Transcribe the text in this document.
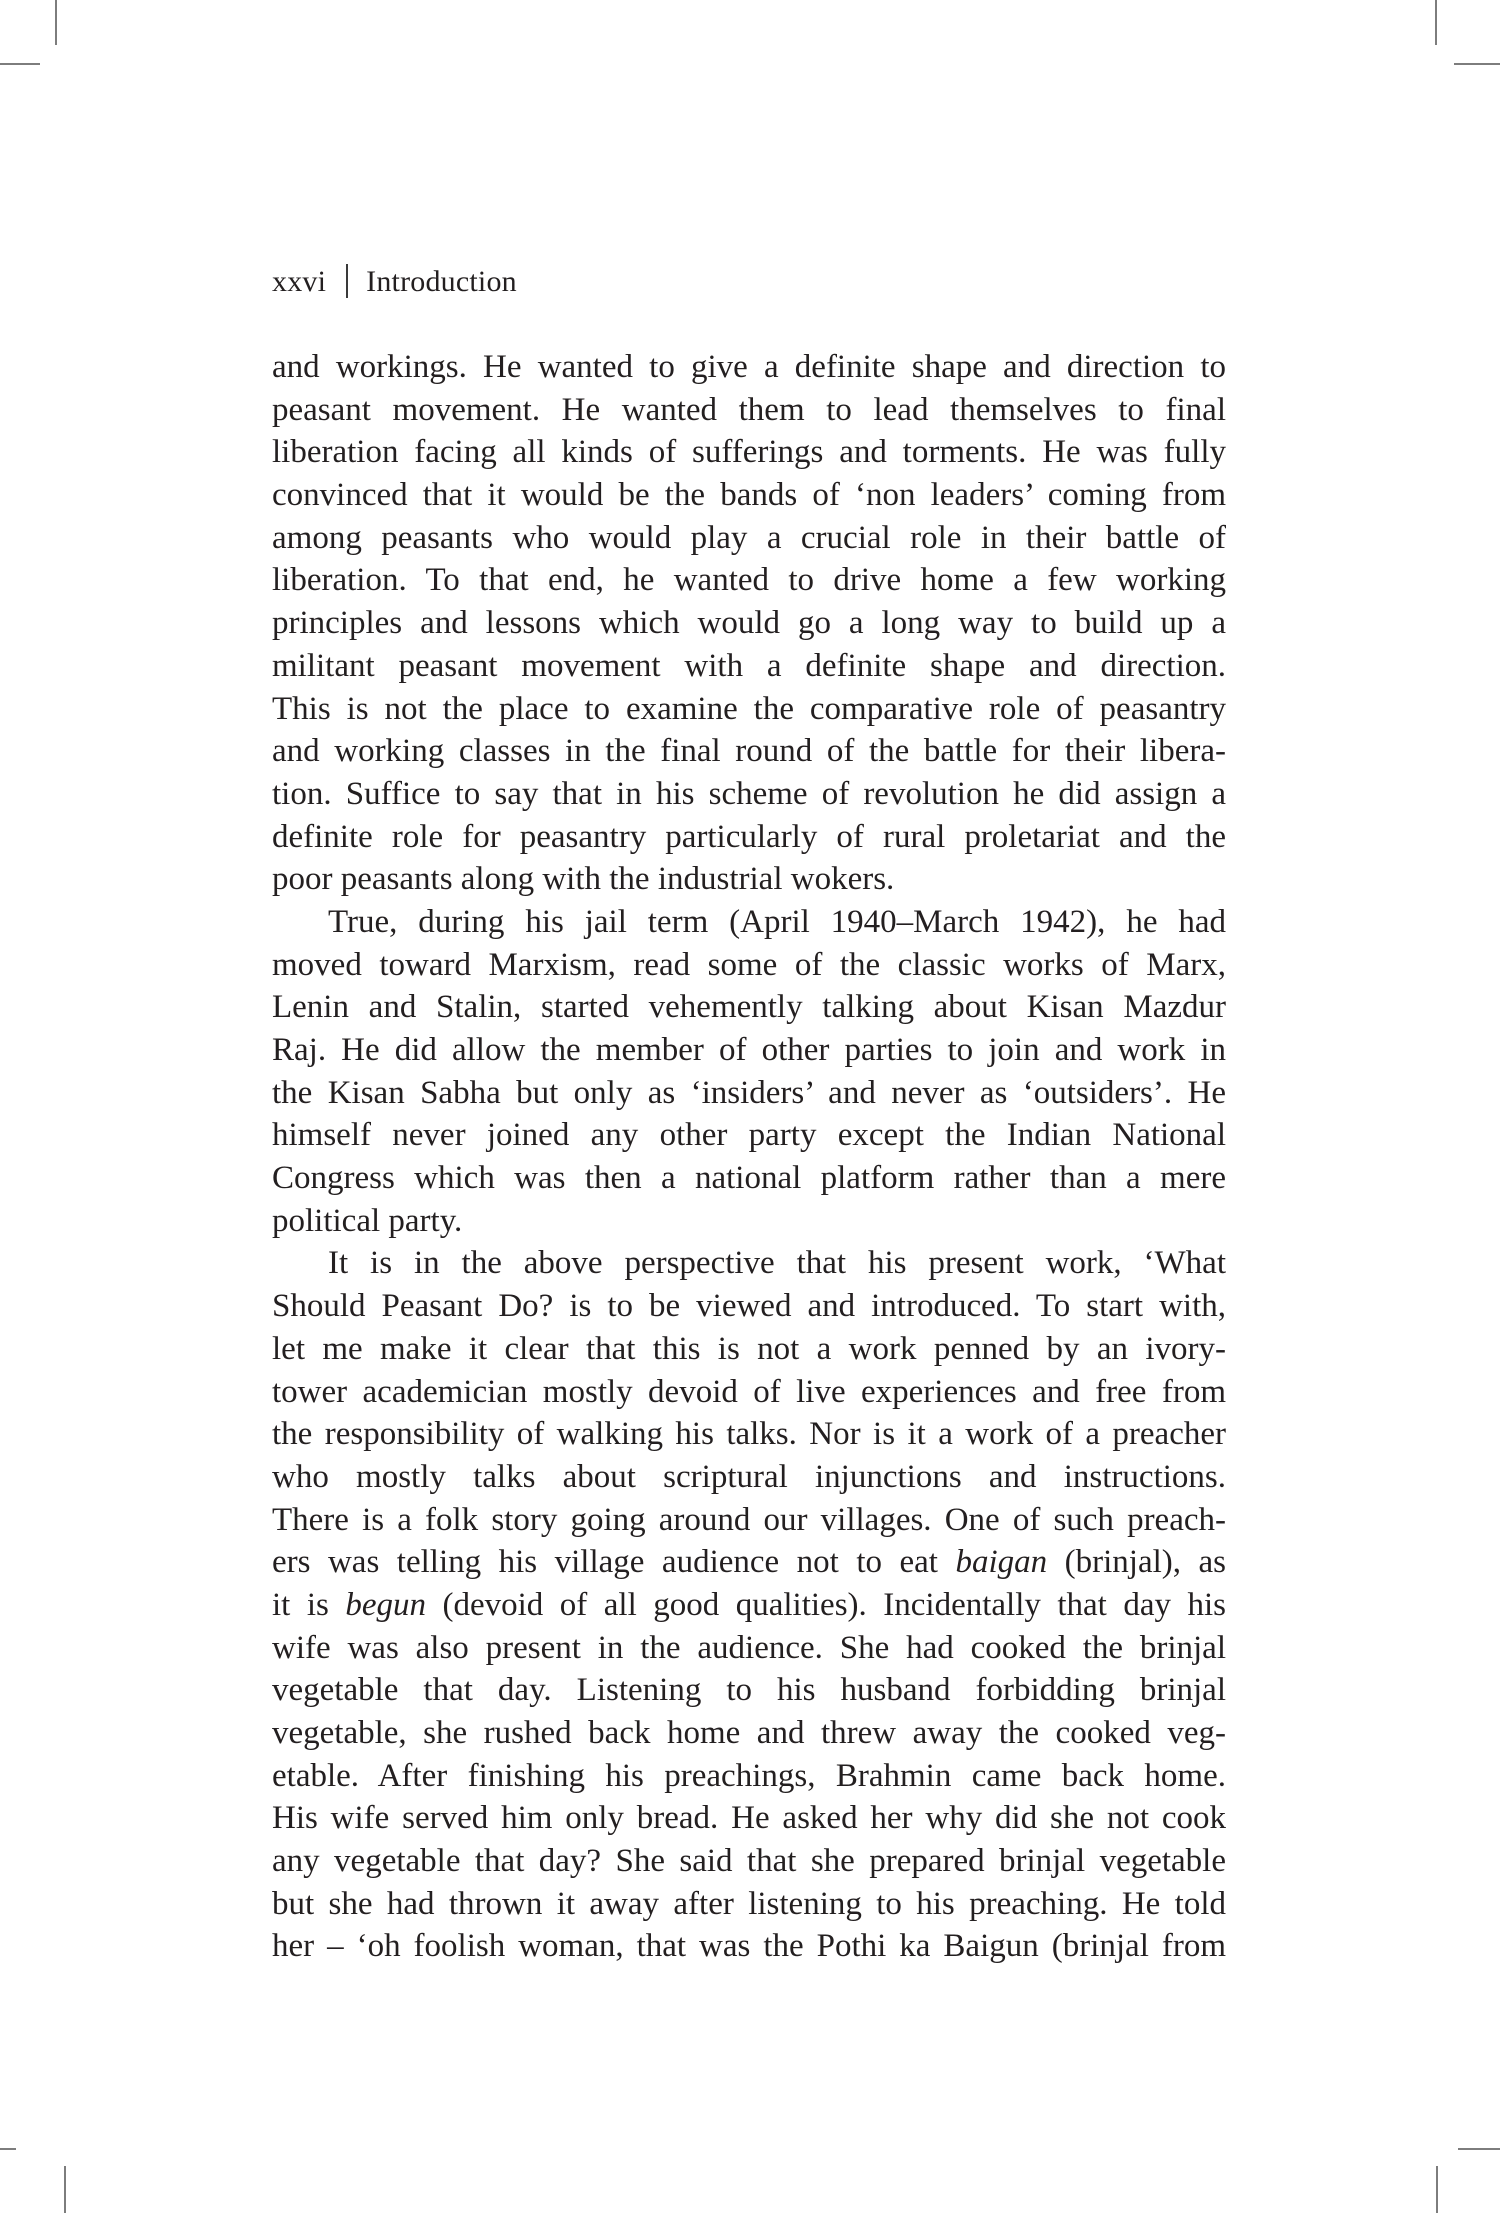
xxvi Introduction
and workings. He wanted to give a definite shape and direction to
peasant movement. He wanted them to lead themselves to final
liberation facing all kinds of sufferings and torments. He was fully
convinced that it would be the bands of ‘non leaders’ coming from
among peasants who would play a crucial role in their battle of
liberation. To that end, he wanted to drive home a few working
principles and lessons which would go a long way to build up a
militant peasant movement with a definite shape and direction.
This is not the place to examine the comparative role of peasantry
and working classes in the final round of the battle for their libera-
tion. Suffice to say that in his scheme of revolution he did assign a
definite role for peasantry particularly of rural proletariat and the
poor peasants along with the industrial wokers.
True, during his jail term (April 1940–March 1942), he had
moved toward Marxism, read some of the classic works of Marx,
Lenin and Stalin, started vehemently talking about Kisan Mazdur
Raj. He did allow the member of other parties to join and work in
the Kisan Sabha but only as ‘insiders’ and never as ‘outsiders’. He
himself never joined any other party except the Indian National
Congress which was then a national platform rather than a mere
political party.
It is in the above perspective that his present work, ‘What
Should Peasant Do? is to be viewed and introduced. To start with,
let me make it clear that this is not a work penned by an ivory-
tower academician mostly devoid of live experiences and free from
the responsibility of walking his talks. Nor is it a work of a preacher
who mostly talks about scriptural injunctions and instructions.
There is a folk story going around our villages. One of such preach-
ers was telling his village audience not to eat baigan (brinjal), as
it is begun (devoid of all good qualities). Incidentally that day his
wife was also present in the audience. She had cooked the brinjal
vegetable that day. Listening to his husband forbidding brinjal
vegetable, she rushed back home and threw away the cooked veg-
etable. After finishing his preachings, Brahmin came back home.
His wife served him only bread. He asked her why did she not cook
any vegetable that day? She said that she prepared brinjal vegetable
but she had thrown it away after listening to his preaching. He told
her – ‘oh foolish woman, that was the Pothi ka Baigun (brinjal from
